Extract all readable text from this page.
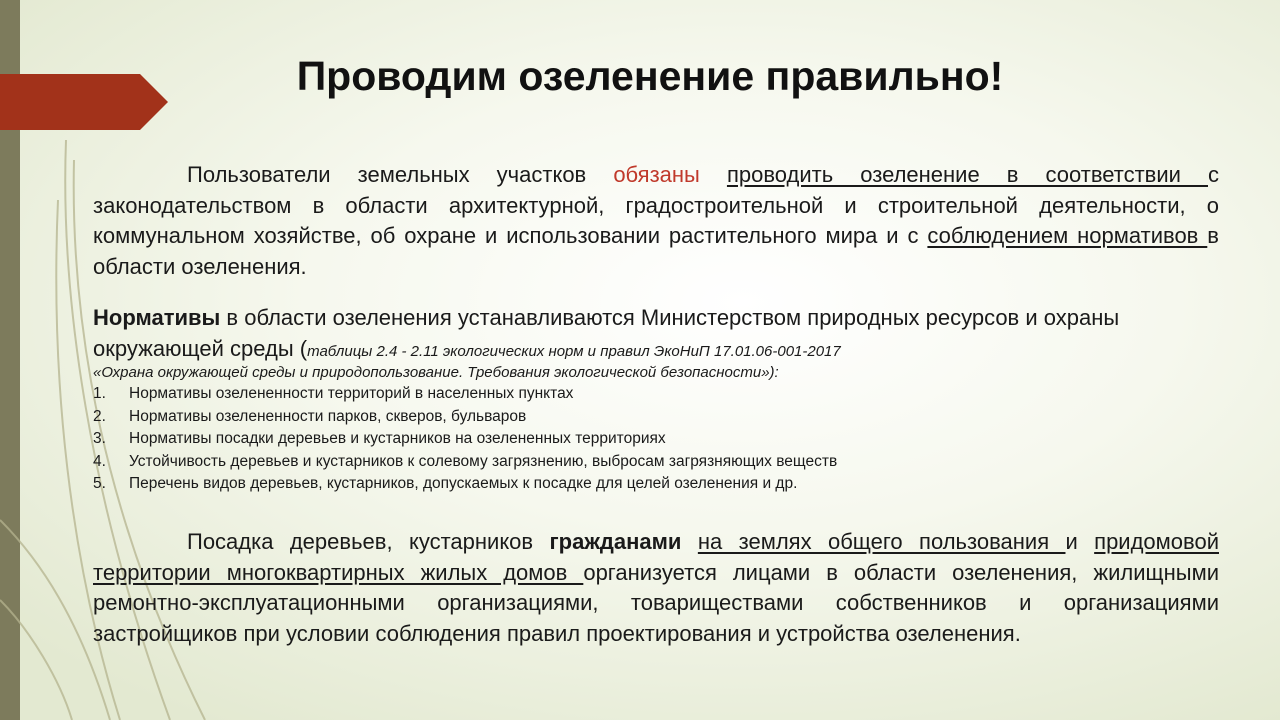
Проводим озеленение правильно!

Пользователи земельных участков обязаны проводить озеленение в соответствии с законодательством в области архитектурной, градостроительной и строительной деятельности, о коммунальном хозяйстве, об охране и использовании растительного мира и с соблюдением нормативов в области озеленения.

Нормативы в области озеленения устанавливаются Министерством природных ресурсов и охраны окружающей среды (таблицы 2.4 - 2.11 экологических норм и правил ЭкоНиП 17.01.06-001-2017

«Охрана окружающей среды и природопользование. Требования экологической безопасности»):

1.	Нормативы озелененности территорий в населенных пунктах
2.	Нормативы озелененности парков, скверов, бульваров
3.	Нормативы посадки деревьев и кустарников на озелененных территориях
4.	Устойчивость деревьев и кустарников к солевому загрязнению, выбросам загрязняющих веществ
5.	Перечень видов деревьев, кустарников, допускаемых к посадке для целей озеленения и др.

Посадка деревьев, кустарников гражданами на землях общего пользования и придомовой территории многоквартирных жилых домов организуется лицами в области озеленения, жилищными ремонтно-эксплуатационными организациями, товариществами собственников и организациями застройщиков при условии соблюдения правил проектирования и устройства озеленения.
